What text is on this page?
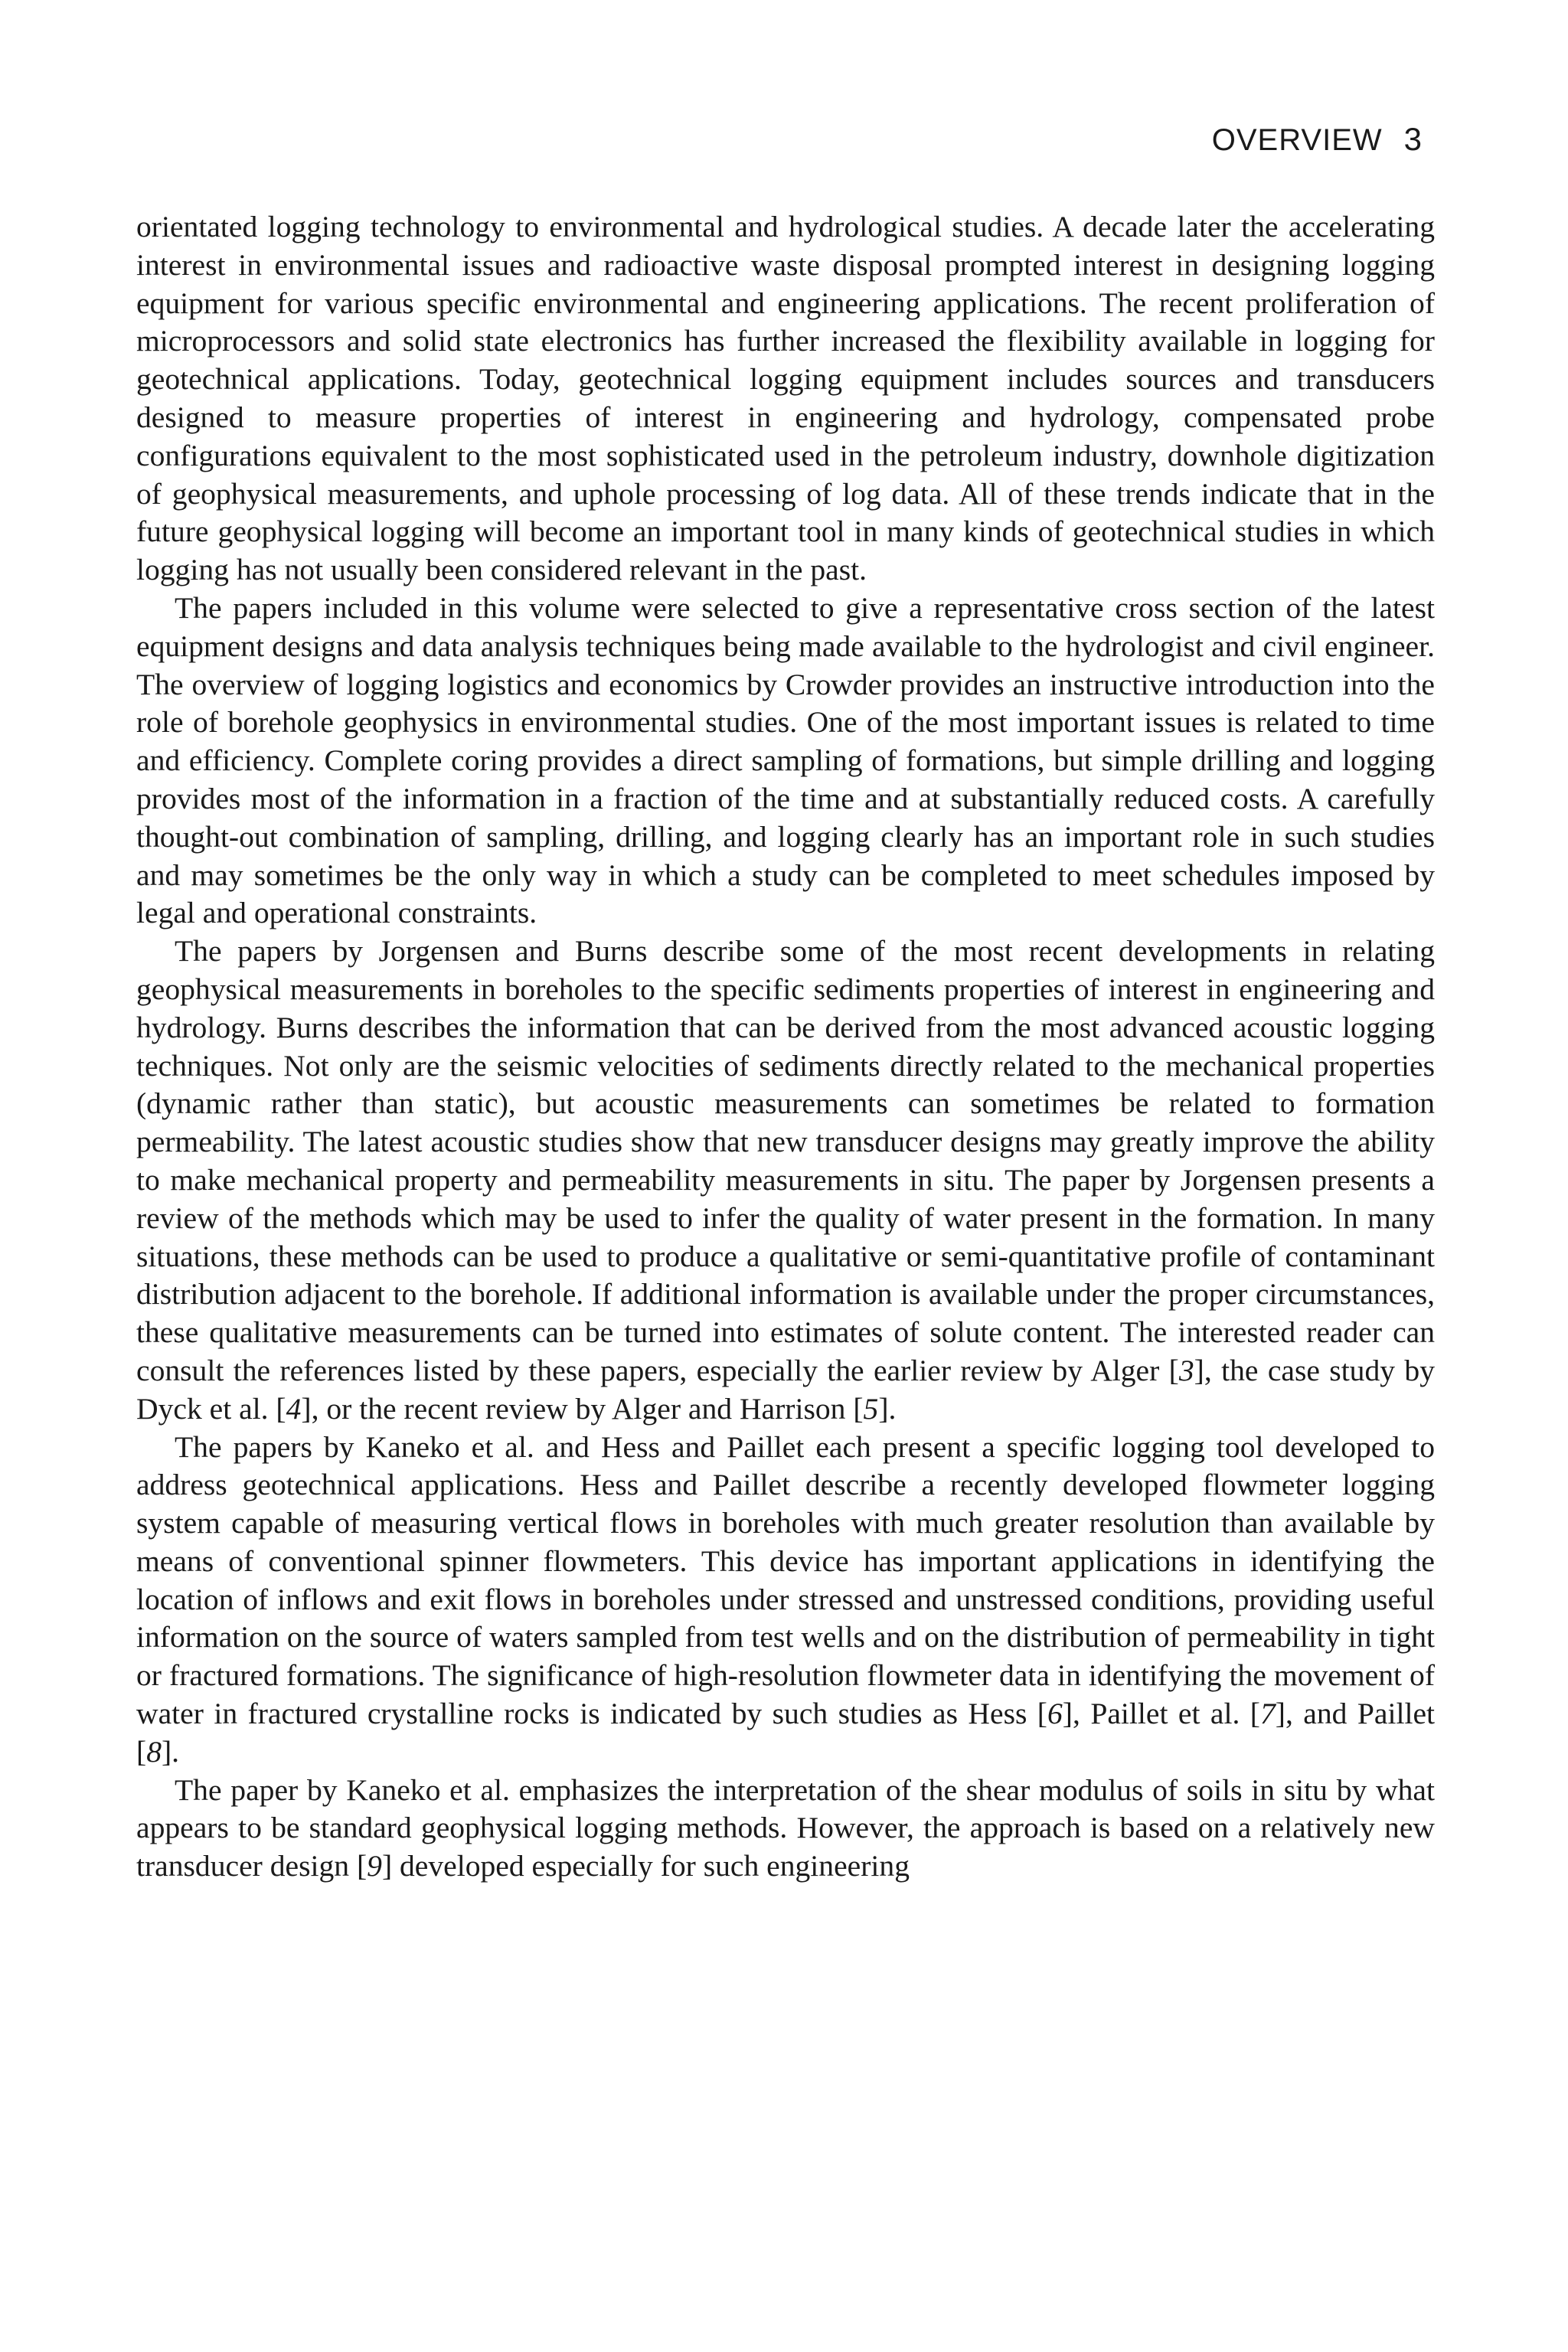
OVERVIEW 3

orientated logging technology to environmental and hydrological studies. A decade later the accelerating interest in environmental issues and radioactive waste disposal prompted interest in designing logging equipment for various specific environmental and engineering applications. The recent proliferation of microprocessors and solid state electronics has further increased the flexibility available in logging for geotechnical applications. Today, geotechnical logging equipment includes sources and transducers designed to measure properties of interest in engineering and hydrology, compensated probe configurations equivalent to the most sophisticated used in the petroleum industry, downhole digitization of geophysical measurements, and uphole processing of log data. All of these trends indicate that in the future geophysical logging will become an important tool in many kinds of geotechnical studies in which logging has not usually been considered relevant in the past.

The papers included in this volume were selected to give a representative cross section of the latest equipment designs and data analysis techniques being made available to the hydrologist and civil engineer. The overview of logging logistics and economics by Crowder provides an instructive introduction into the role of borehole geophysics in environmental studies. One of the most important issues is related to time and efficiency. Complete coring provides a direct sampling of formations, but simple drilling and logging provides most of the information in a fraction of the time and at substantially reduced costs. A carefully thought-out combination of sampling, drilling, and logging clearly has an important role in such studies and may sometimes be the only way in which a study can be completed to meet schedules imposed by legal and operational constraints.

The papers by Jorgensen and Burns describe some of the most recent developments in relating geophysical measurements in boreholes to the specific sediments properties of interest in engineering and hydrology. Burns describes the information that can be derived from the most advanced acoustic logging techniques. Not only are the seismic velocities of sediments directly related to the mechanical properties (dynamic rather than static), but acoustic measurements can sometimes be related to formation permeability. The latest acoustic studies show that new transducer designs may greatly improve the ability to make mechanical property and permeability measurements in situ. The paper by Jorgensen presents a review of the methods which may be used to infer the quality of water present in the formation. In many situations, these methods can be used to produce a qualitative or semi-quantitative profile of contaminant distribution adjacent to the borehole. If additional information is available under the proper circumstances, these qualitative measurements can be turned into estimates of solute content. The interested reader can consult the references listed by these papers, especially the earlier review by Alger [3], the case study by Dyck et al. [4], or the recent review by Alger and Harrison [5].

The papers by Kaneko et al. and Hess and Paillet each present a specific logging tool developed to address geotechnical applications. Hess and Paillet describe a recently developed flowmeter logging system capable of measuring vertical flows in boreholes with much greater resolution than available by means of conventional spinner flowmeters. This device has important applications in identifying the location of inflows and exit flows in boreholes under stressed and unstressed conditions, providing useful information on the source of waters sampled from test wells and on the distribution of permeability in tight or fractured formations. The significance of high-resolution flowmeter data in identifying the movement of water in fractured crystalline rocks is indicated by such studies as Hess [6], Paillet et al. [7], and Paillet [8].

The paper by Kaneko et al. emphasizes the interpretation of the shear modulus of soils in situ by what appears to be standard geophysical logging methods. However, the approach is based on a relatively new transducer design [9] developed especially for such engineering
